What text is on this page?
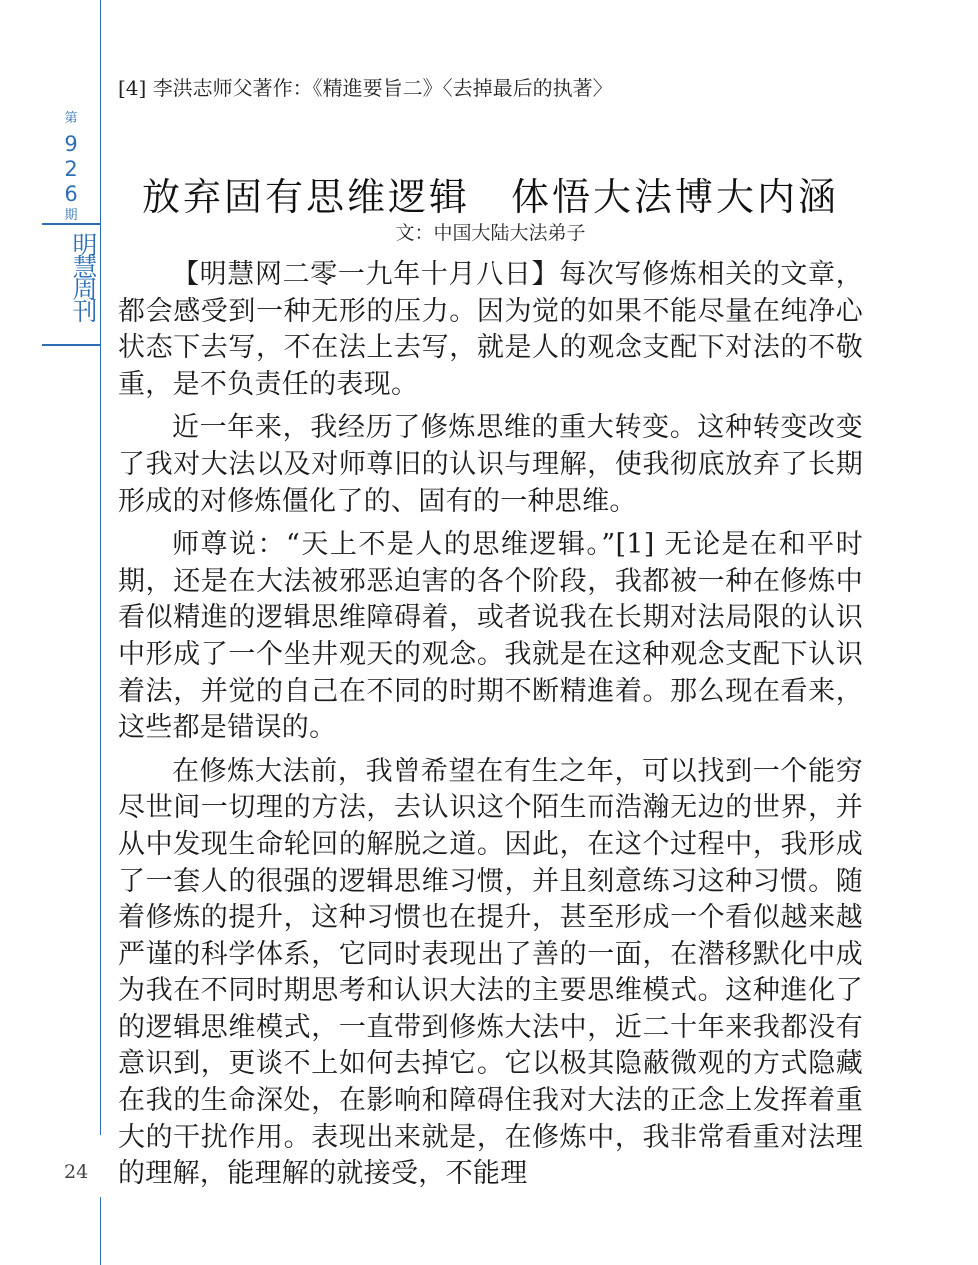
第
9
2
6
期
明慧周刊
24
[4] 李洪志师父著作：《精進要旨二》〈去掉最后的执著〉
放弃固有思维逻辑　体悟大法博大内涵
文：中国大陆大法弟子

【明慧网二零一九年十月八日】每次写修炼相关的文章，都会感受到一种无形的压力。因为觉的如果不能尽量在纯净心状态下去写，不在法上去写，就是人的观念支配下对法的不敬重，是不负责任的表现。

近一年来，我经历了修炼思维的重大转变。这种转变改变了我对大法以及对师尊旧的认识与理解，使我彻底放弃了长期形成的对修炼僵化了的、固有的一种思维。

师尊说：“天上不是人的思维逻辑。”[1] 无论是在和平时期，还是在大法被邪恶迫害的各个阶段，我都被一种在修炼中看似精進的逻辑思维障碍着，或者说我在长期对法局限的认识中形成了一个坐井观天的观念。我就是在这种观念支配下认识着法，并觉的自己在不同的时期不断精進着。那么现在看来，这些都是错误的。

在修炼大法前，我曾希望在有生之年，可以找到一个能穷尽世间一切理的方法，去认识这个陌生而浩瀚无边的世界，并从中发现生命轮回的解脱之道。因此，在这个过程中，我形成了一套人的很强的逻辑思维习惯，并且刻意练习这种习惯。随着修炼的提升，这种习惯也在提升，甚至形成一个看似越来越严谨的科学体系，它同时表现出了善的一面，在潜移默化中成为我在不同时期思考和认识大法的主要思维模式。这种進化了的逻辑思维模式，一直带到修炼大法中，近二十年来我都没有意识到，更谈不上如何去掉它。它以极其隐蔽微观的方式隐藏在我的生命深处，在影响和障碍住我对大法的正念上发挥着重大的干扰作用。表现出来就是，在修炼中，我非常看重对法理的理解，能理解的就接受，不能理
